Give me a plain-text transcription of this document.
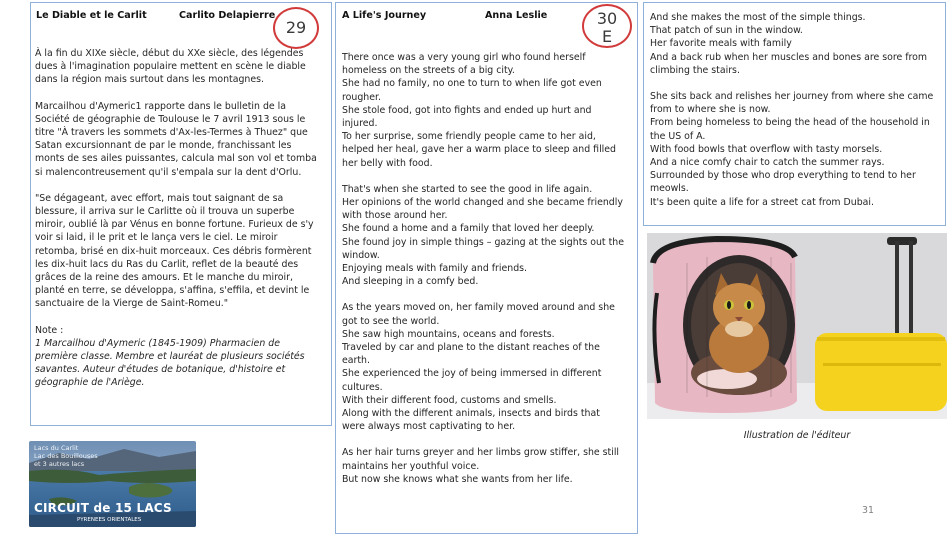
Le Diable et le Carlit	Carlito Delapierre

À la fin du XIXe siècle, début du XXe siècle, des légendes
dues à l'imagination populaire mettent en scène le diable
dans la région mais surtout dans les montagnes.

Marcailhou d'Aymeric1 rapporte dans le bulletin de la
Société de géographie de Toulouse le 7 avril 1913 sous le
titre "À travers les sommets d'Ax-les-Termes à Thuez" que
Satan excursionnant de par le monde, franchissant les
monts de ses ailes puissantes, calcula mal son vol et tomba
si malencontreusement qu'il s'empala sur la dent d'Orlu.

"Se dégageant, avec effort, mais tout saignant de sa
blessure, il arriva sur le Carlitte où il trouva un superbe
miroir, oublié là par Vénus en bonne fortune. Furieux de s'y
voir si laid, il le prit et le lança vers le ciel. Le miroir
retomba, brisé en dix-huit morceaux. Ces débris formèrent
les dix-huit lacs du Ras du Carlit, reflet de la beauté des
grâces de la reine des amours. Et le manche du miroir,
planté en terre, se développa, s'affina, s'effila, et devint le
sanctuaire de la Vierge de Saint-Romeu."

Note :
1 Marcailhou d'Aymeric (1845-1909) Pharmacien de
première classe. Membre et lauréat de plusieurs sociétés
savantes. Auteur d'études de botanique, d'histoire et
géographie de l'Ariège.
29
Lacs du Carlit
Lac des Bouillouses
et 3 autres lacs
CIRCUIT de 15 LACS
PYRENEES ORIENTALES
A Life's Journey	Anna Leslie

There once was a very young girl who found herself
homeless on the streets of a big city.
She had no family, no one to turn to when life got even
rougher.
She stole food, got into fights and ended up hurt and
injured.
To her surprise, some friendly people came to her aid,
helped her heal, gave her a warm place to sleep and filled
her belly with food.

That's when she started to see the good in life again.
Her opinions of the world changed and she became friendly
with those around her.
She found a home and a family that loved her deeply.
She found joy in simple things – gazing at the sights out the
window.
Enjoying meals with family and friends.
And sleeping in a comfy bed.

As the years moved on, her family moved around and she
got to see the world.
She saw high mountains, oceans and forests.
Traveled by car and plane to the distant reaches of the
earth.
She experienced the joy of being immersed in different
cultures.
With their different food, customs and smells.
Along with the different animals, insects and birds that
were always most captivating to her.

As her hair turns greyer and her limbs grow stiffer, she still
maintains her youthful voice.
But now she knows what she wants from her life.

30
E

And she makes the most of the simple things.
That patch of sun in the window.
Her favorite meals with family
And a back rub when her muscles and bones are sore from
climbing the stairs.

She sits back and relishes her journey from where she came
from to where she is now.
From being homeless to being the head of the household in
the US of A.
With food bowls that overflow with tasty morsels.
And a nice comfy chair to catch the summer rays.
Surrounded by those who drop everything to tend to her
meowls.
It's been quite a life for a street cat from Dubai.

Illustration de l'éditeur
31
